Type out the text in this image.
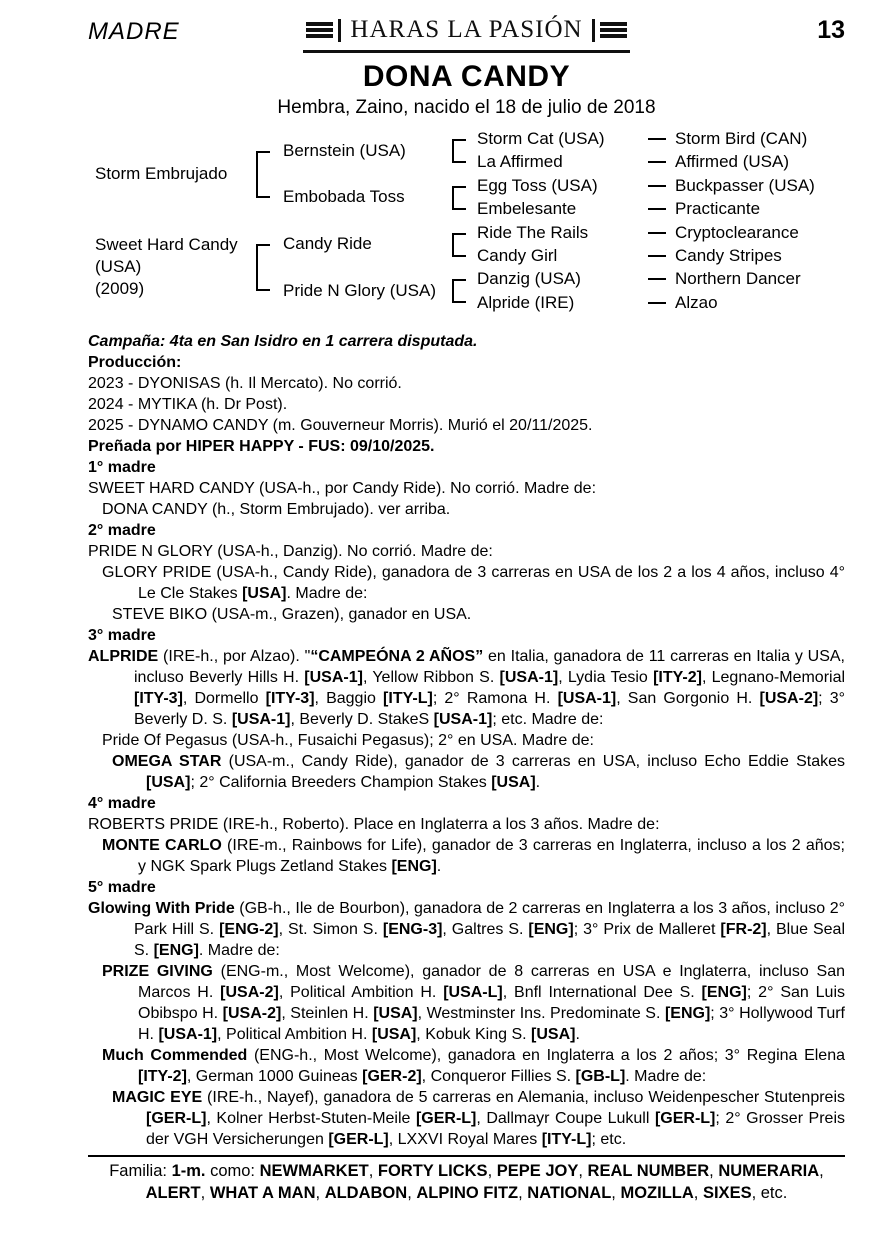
MADRE	HARAS LA PASIÓN	13
DONA CANDY
Hembra, Zaino, nacido el 18 de julio de 2018
Storm Embrujado
Sweet Hard Candy
(USA)
(2009)
Bernstein (USA)
Embobada Toss
Candy Ride
Pride N Glory (USA)
Storm Cat (USA)
La Affirmed
Egg Toss (USA)
Embelesante
Ride The Rails
Candy Girl
Danzig (USA)
Alpride (IRE)
Storm Bird (CAN)
Affirmed (USA)
Buckpasser (USA)
Practicante
Cryptoclearance
Candy Stripes
Northern Dancer
Alzao
Campaña: 4ta en San Isidro en 1 carrera disputada.
Producción:
2023 - DYONISAS (h. Il Mercato). No corrió.
2024 - MYTIKA (h. Dr Post).
2025 - DYNAMO CANDY (m. Gouverneur Morris). Murió el 20/11/2025.
Preñada por HIPER HAPPY - FUS: 09/10/2025.
1° madre
SWEET HARD CANDY (USA-h., por Candy Ride). No corrió. Madre de:
DONA CANDY (h., Storm Embrujado). ver arriba.
2° madre
PRIDE N GLORY (USA-h., Danzig). No corrió. Madre de:
GLORY PRIDE (USA-h., Candy Ride), ganadora de 3 carreras en USA de los 2 a los 4 años, incluso 4° Le Cle Stakes [USA]. Madre de:
STEVE BIKO (USA-m., Grazen), ganador en USA.
3° madre
ALPRIDE (IRE-h., por Alzao). "“CAMPEÓNA 2 AÑOS” en Italia, ganadora de 11 carreras en Italia y USA, incluso Beverly Hills H. [USA-1], Yellow Ribbon S. [USA-1], Lydia Tesio [ITY-2], Legnano-Memorial [ITY-3], Dormello [ITY-3], Baggio [ITY-L]; 2° Ramona H. [USA-1], San Gorgonio H. [USA-2]; 3° Beverly D. S. [USA-1], Beverly D. StakeS [USA-1]; etc. Madre de:
Pride Of Pegasus (USA-h., Fusaichi Pegasus); 2° en USA. Madre de:
OMEGA STAR (USA-m., Candy Ride), ganador de 3 carreras en USA, incluso Echo Eddie Stakes [USA]; 2° California Breeders Champion Stakes [USA].
4° madre
ROBERTS PRIDE (IRE-h., Roberto). Place en Inglaterra a los 3 años. Madre de:
MONTE CARLO (IRE-m., Rainbows for Life), ganador de 3 carreras en Inglaterra, incluso a los 2 años; y NGK Spark Plugs Zetland Stakes [ENG].
5° madre
Glowing With Pride (GB-h., Ile de Bourbon), ganadora de 2 carreras en Inglaterra a los 3 años, incluso 2° Park Hill S. [ENG-2], St. Simon S. [ENG-3], Galtres S. [ENG]; 3° Prix de Malleret [FR-2], Blue Seal S. [ENG]. Madre de:
PRIZE GIVING (ENG-m., Most Welcome), ganador de 8 carreras en USA e Inglaterra, incluso San Marcos H. [USA-2], Political Ambition H. [USA-L], Bnfl International Dee S. [ENG]; 2° San Luis Obibspo H. [USA-2], Steinlen H. [USA], Westminster Ins. Predominate S. [ENG]; 3° Hollywood Turf H. [USA-1], Political Ambition H. [USA], Kobuk King S. [USA].
Much Commended (ENG-h., Most Welcome), ganadora en Inglaterra a los 2 años; 3° Regina Elena [ITY-2], German 1000 Guineas [GER-2], Conqueror Fillies S. [GB-L]. Madre de:
MAGIC EYE (IRE-h., Nayef), ganadora de 5 carreras en Alemania, incluso Weidenpescher Stutenpreis [GER-L], Kolner Herbst-Stuten-Meile [GER-L], Dallmayr Coupe Lukull [GER-L]; 2° Grosser Preis der VGH Versicherungen [GER-L], LXXVI Royal Mares [ITY-L]; etc.
Familia: 1-m. como: NEWMARKET, FORTY LICKS, PEPE JOY, REAL NUMBER, NUMERARIA, ALERT, WHAT A MAN, ALDABON, ALPINO FITZ, NATIONAL, MOZILLA, SIXES, etc.
